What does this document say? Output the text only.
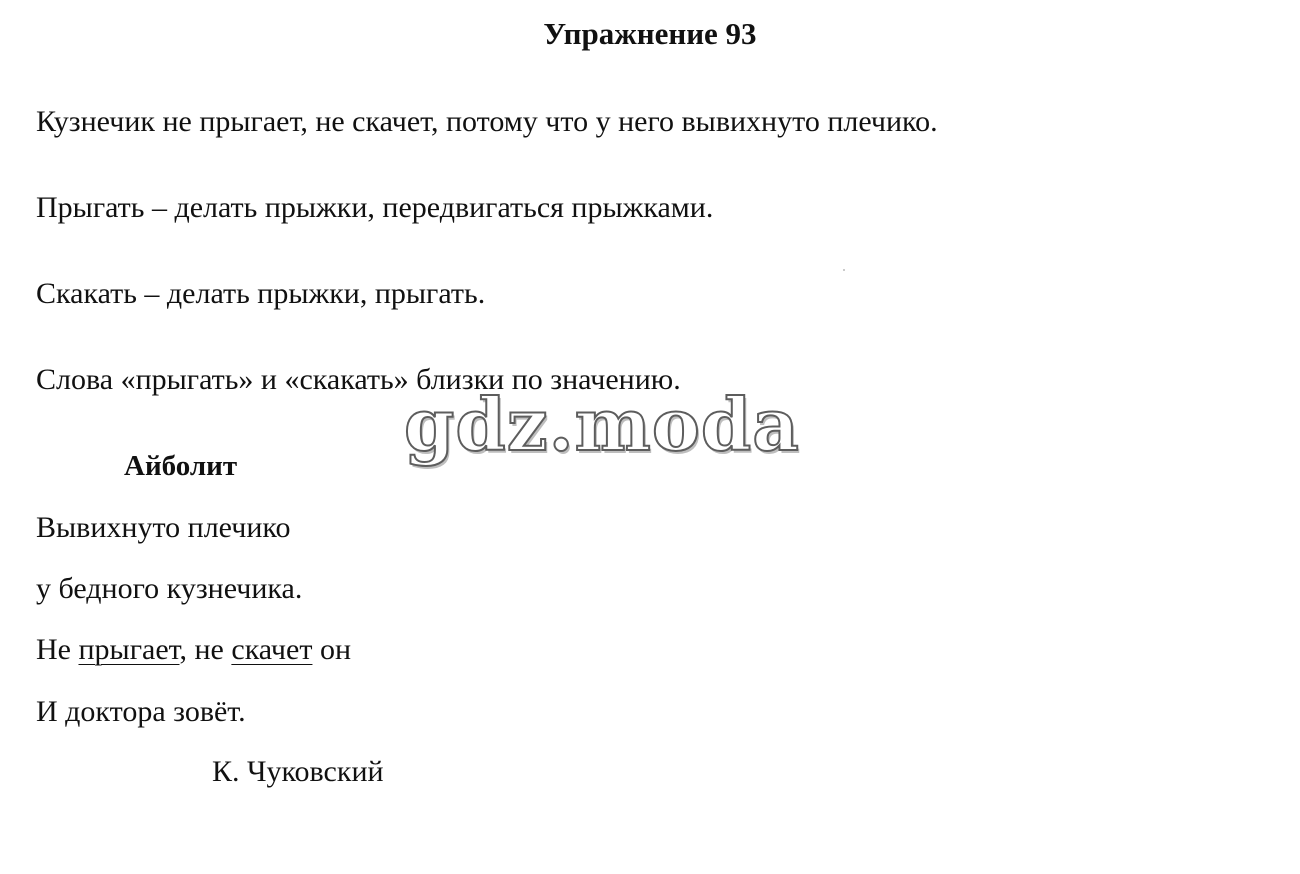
Упражнение 93
Кузнечик не прыгает, не скачет, потому что у него вывихнуто плечико.
Прыгать – делать прыжки, передвигаться прыжками.
Скакать – делать прыжки, прыгать.
Слова «прыгать» и «скакать» близки по значению.
gdz.moda
Айболит
Вывихнуто плечико
у бедного кузнечика.
Не прыгает, не скачет он
И доктора зовёт.
К. Чуковский
